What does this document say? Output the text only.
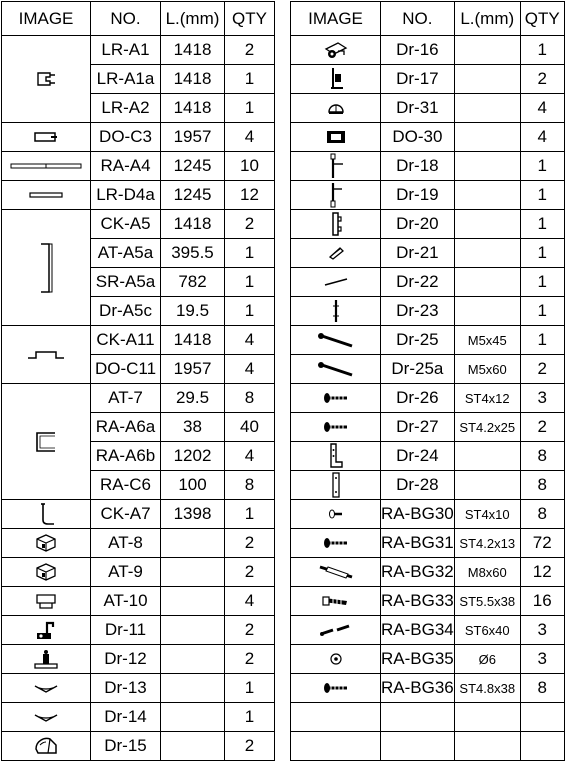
IMAGE	NO.	L.(mm)	QTY

	LR-A1	1418	2
	LR-A1a	1418	1
	LR-A2	1418	1

	DO-C3	1957	4

	RA-A4	1245	10

	LR-D4a	1245	12

	CK-A5	1418	2
	AT-A5a	395.5	1
	SR-A5a	782	1
	Dr-A5c	19.5	1

	CK-A11	1418	4
	DO-C11	1957	4

	AT-7	29.5	8
	RA-A6a	38	40
	RA-A6b	1202	4
	RA-C6	100	8

	CK-A7	1398	1

	AT-8		2

	AT-9		2

	AT-10		4

	Dr-11		2

	Dr-12		2

	Dr-13		1

	Dr-14		1

	Dr-15		2
IMAGE	NO.	L.(mm)	QTY

	Dr-16		1

	Dr-17		2

	Dr-31		4

	DO-30		4

	Dr-18		1

	Dr-19		1

	Dr-20		1

	Dr-21		1

	Dr-22		1

	Dr-23		1

	Dr-25	M5x45	1

	Dr-25a	M5x60	2

	Dr-26	ST4x12	3

	Dr-27	ST4.2x25	2

	Dr-24		8

	Dr-28		8

	RA-BG30	ST4x10	8

	RA-BG31	ST4.2x13	72

	RA-BG32	M8x60	12

	RA-BG33	ST5.5x38	16

	RA-BG34	ST6x40	3

	RA-BG35	Ø6	3

	RA-BG36	ST4.8x38	8
